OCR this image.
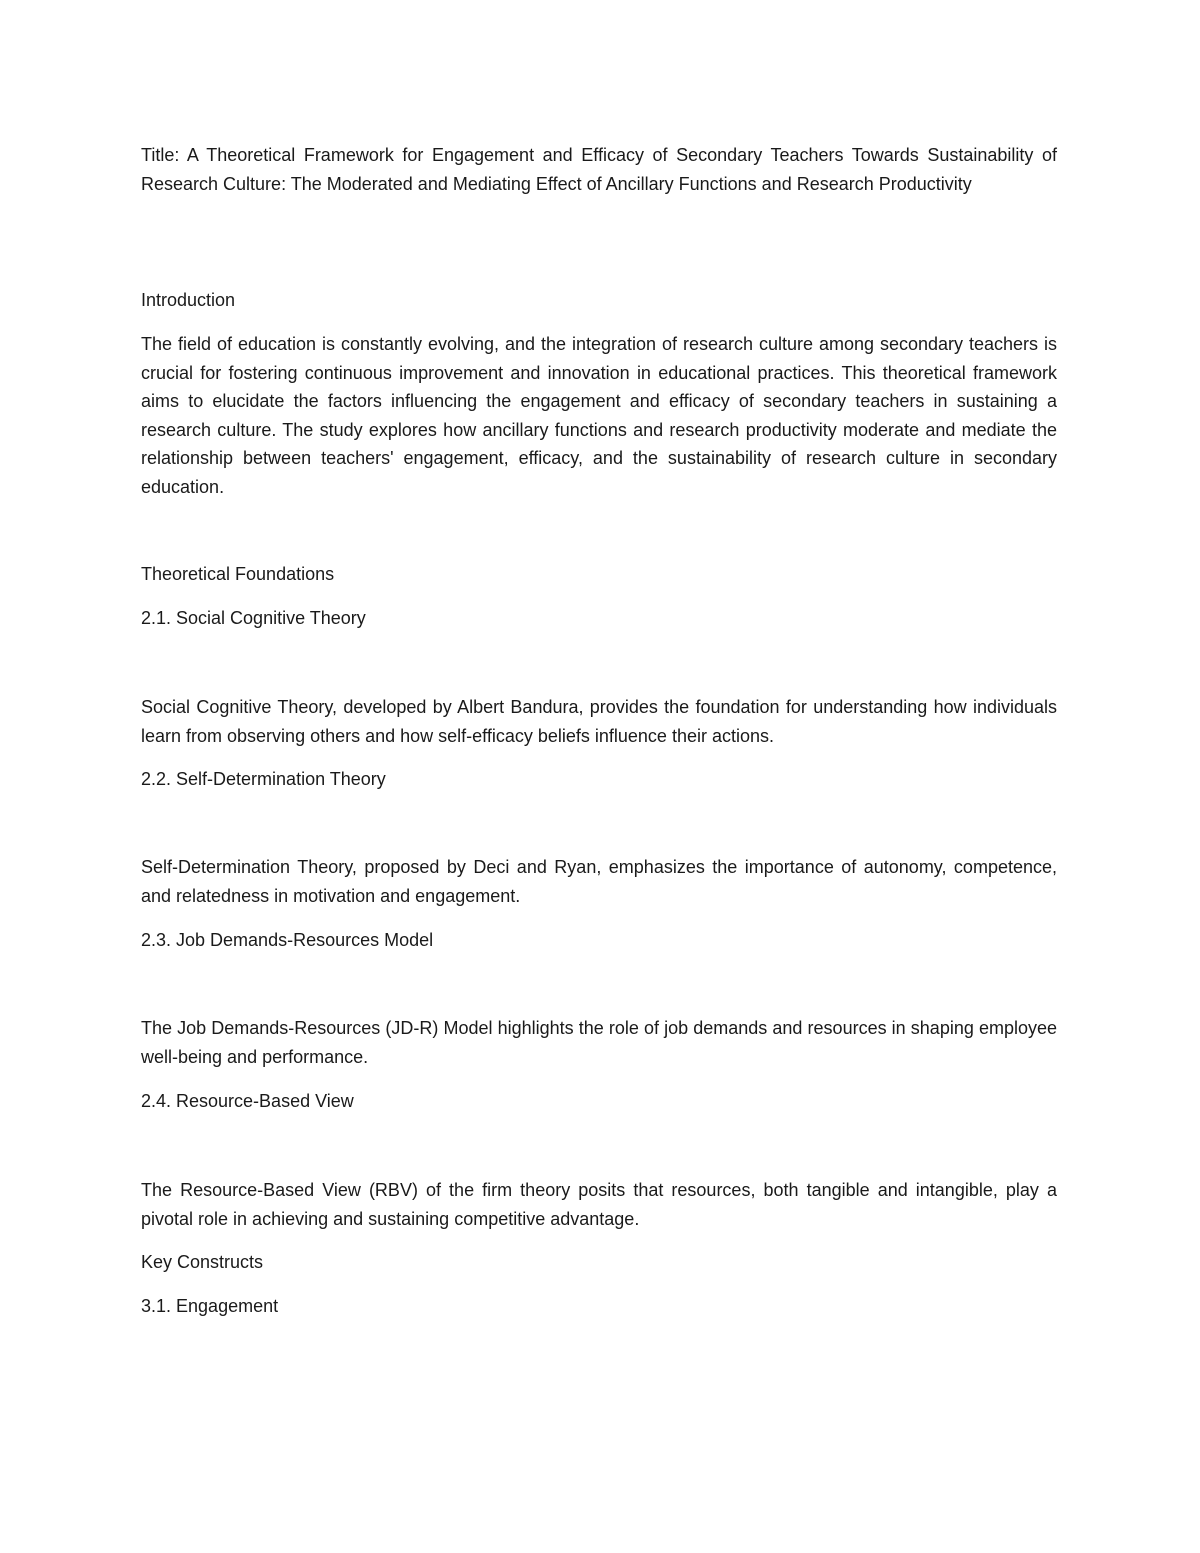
Title: A Theoretical Framework for Engagement and Efficacy of Secondary Teachers Towards Sustainability of Research Culture: The Moderated and Mediating Effect of Ancillary Functions and Research Productivity

Introduction

The field of education is constantly evolving, and the integration of research culture among secondary teachers is crucial for fostering continuous improvement and innovation in educational practices. This theoretical framework aims to elucidate the factors influencing the engagement and efficacy of secondary teachers in sustaining a research culture. The study explores how ancillary functions and research productivity moderate and mediate the relationship between teachers' engagement, efficacy, and the sustainability of research culture in secondary education.

Theoretical Foundations

2.1. Social Cognitive Theory

Social Cognitive Theory, developed by Albert Bandura, provides the foundation for understanding how individuals learn from observing others and how self-efficacy beliefs influence their actions.

2.2. Self-Determination Theory

Self-Determination Theory, proposed by Deci and Ryan, emphasizes the importance of autonomy, competence, and relatedness in motivation and engagement.

2.3. Job Demands-Resources Model

The Job Demands-Resources (JD-R) Model highlights the role of job demands and resources in shaping employee well-being and performance.

2.4. Resource-Based View

The Resource-Based View (RBV) of the firm theory posits that resources, both tangible and intangible, play a pivotal role in achieving and sustaining competitive advantage.

Key Constructs

3.1. Engagement
